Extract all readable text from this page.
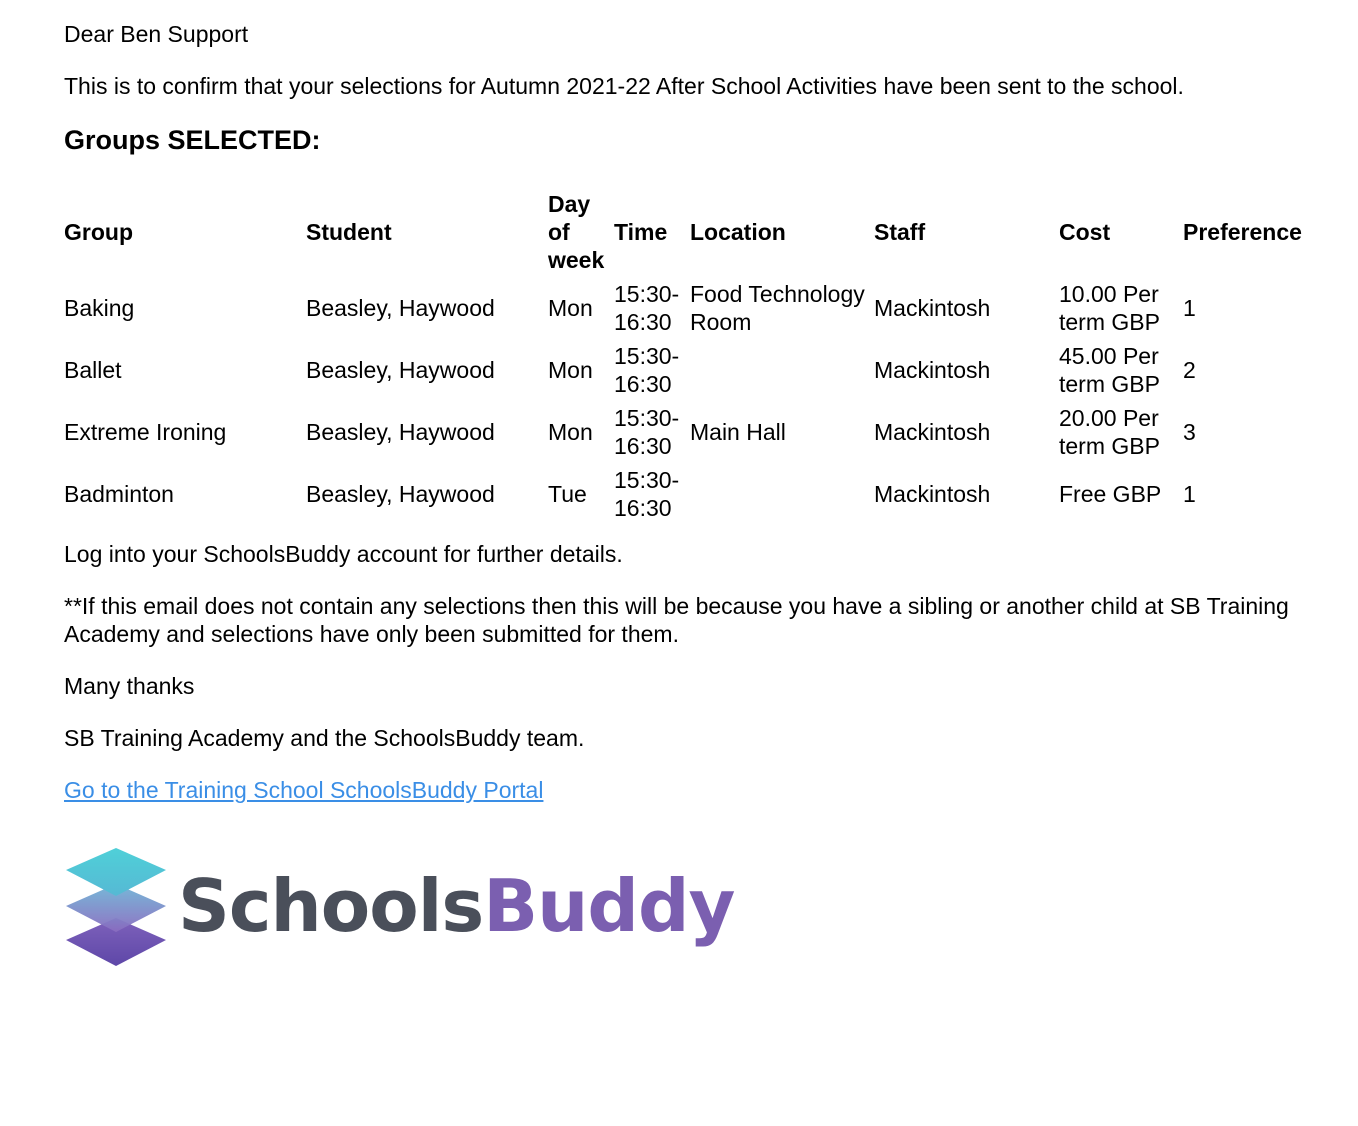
Dear Ben Support

This is to confirm that your selections for Autumn 2021-22 After School Activities have been sent to the school.

Groups SELECTED:
Group	Student	Day of week	Time	Location	Staff	Cost	Preference
Baking	Beasley, Haywood	Mon	15:30-16:30	Food Technology Room	Mackintosh	10.00 Per term GBP	1
Ballet	Beasley, Haywood	Mon	15:30-16:30		Mackintosh	45.00 Per term GBP	2
Extreme Ironing	Beasley, Haywood	Mon	15:30-16:30	Main Hall	Mackintosh	20.00 Per term GBP	3
Badminton	Beasley, Haywood	Tue	15:30-16:30		Mackintosh	Free GBP	1

Log into your SchoolsBuddy account for further details.

**If this email does not contain any selections then this will be because you have a sibling or another child at SB Training Academy and selections have only been submitted for them.

Many thanks

SB Training Academy and the SchoolsBuddy team.

Go to the Training School SchoolsBuddy Portal

SchoolsBuddy
